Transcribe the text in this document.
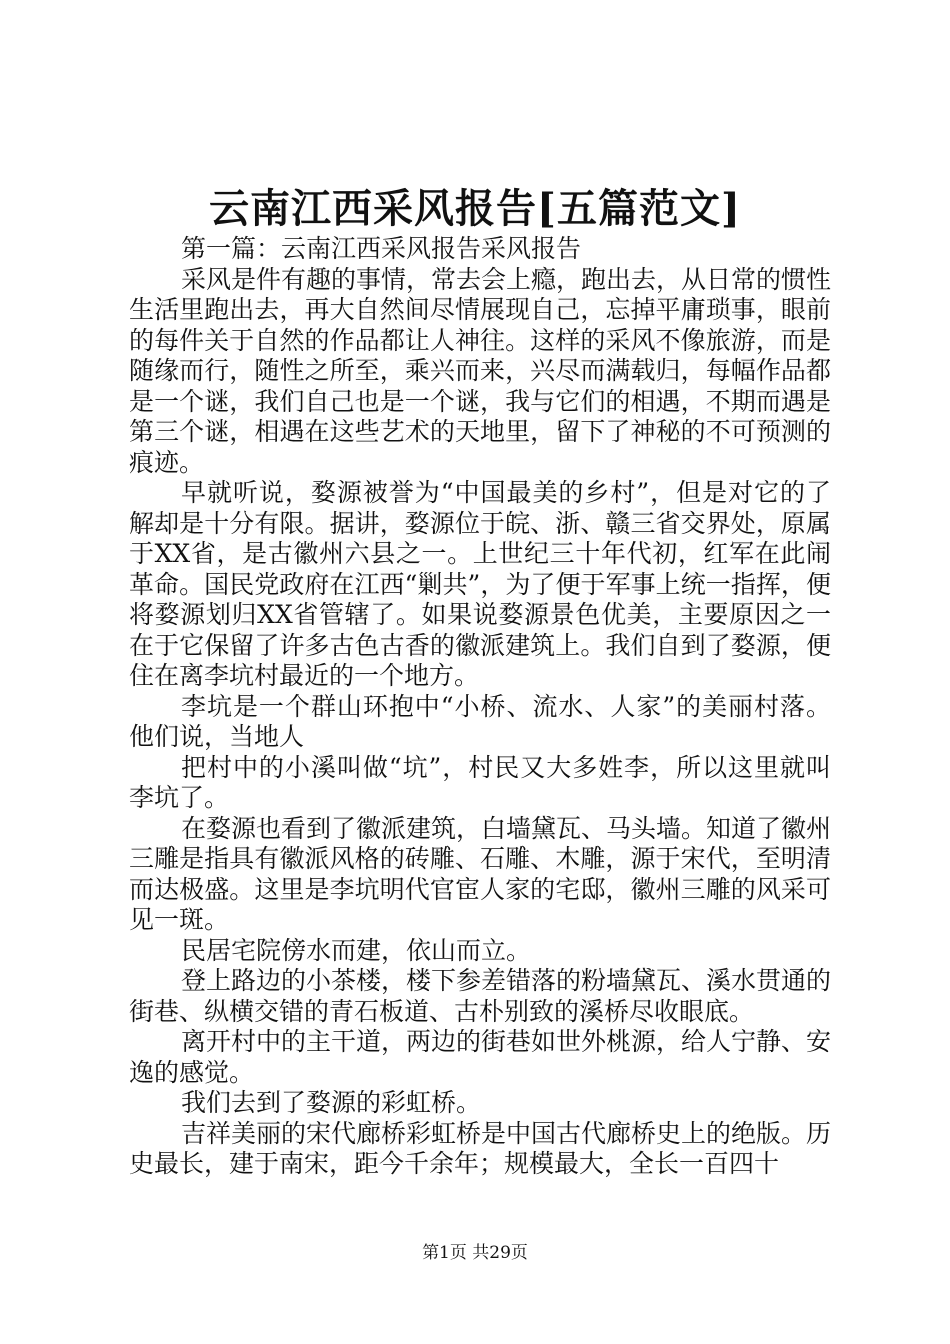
云南江西采风报告[五篇范文]

第一篇：云南江西采风报告采风报告

采风是件有趣的事情，常去会上瘾，跑出去，从日常的惯性生活里跑出去，再大自然间尽情展现自己，忘掉平庸琐事，眼前的每件关于自然的作品都让人神往。这样的采风不像旅游，而是随缘而行，随性之所至，乘兴而来，兴尽而满载归，每幅作品都是一个谜，我们自己也是一个谜，我与它们的相遇，不期而遇是第三个谜，相遇在这些艺术的天地里，留下了神秘的不可预测的痕迹。

早就听说，婺源被誉为“中国最美的乡村”，但是对它的了解却是十分有限。据讲，婺源位于皖、浙、赣三省交界处，原属于XX省，是古徽州六县之一。上世纪三十年代初，红军在此闹革命。国民党政府在江西“剿共”，为了便于军事上统一指挥，便将婺源划归XX省管辖了。如果说婺源景色优美，主要原因之一在于它保留了许多古色古香的徽派建筑上。我们自到了婺源，便住在离李坑村最近的一个地方。

李坑是一个群山环抱中“小桥、流水、人家”的美丽村落。他们说，当地人

把村中的小溪叫做“坑”，村民又大多姓李，所以这里就叫李坑了。

在婺源也看到了徽派建筑，白墙黛瓦、马头墙。知道了徽州三雕是指具有徽派风格的砖雕、石雕、木雕，源于宋代，至明清而达极盛。这里是李坑明代官宦人家的宅邸，徽州三雕的风采可见一斑。

民居宅院傍水而建，依山而立。

登上路边的小茶楼，楼下参差错落的粉墙黛瓦、溪水贯通的街巷、纵横交错的青石板道、古朴别致的溪桥尽收眼底。

离开村中的主干道，两边的街巷如世外桃源，给人宁静、安逸的感觉。

我们去到了婺源的彩虹桥。

吉祥美丽的宋代廊桥彩虹桥是中国古代廊桥史上的绝版。历史最长，建于南宋，距今千余年；规模最大，全长一百四十

第1页 共29页
